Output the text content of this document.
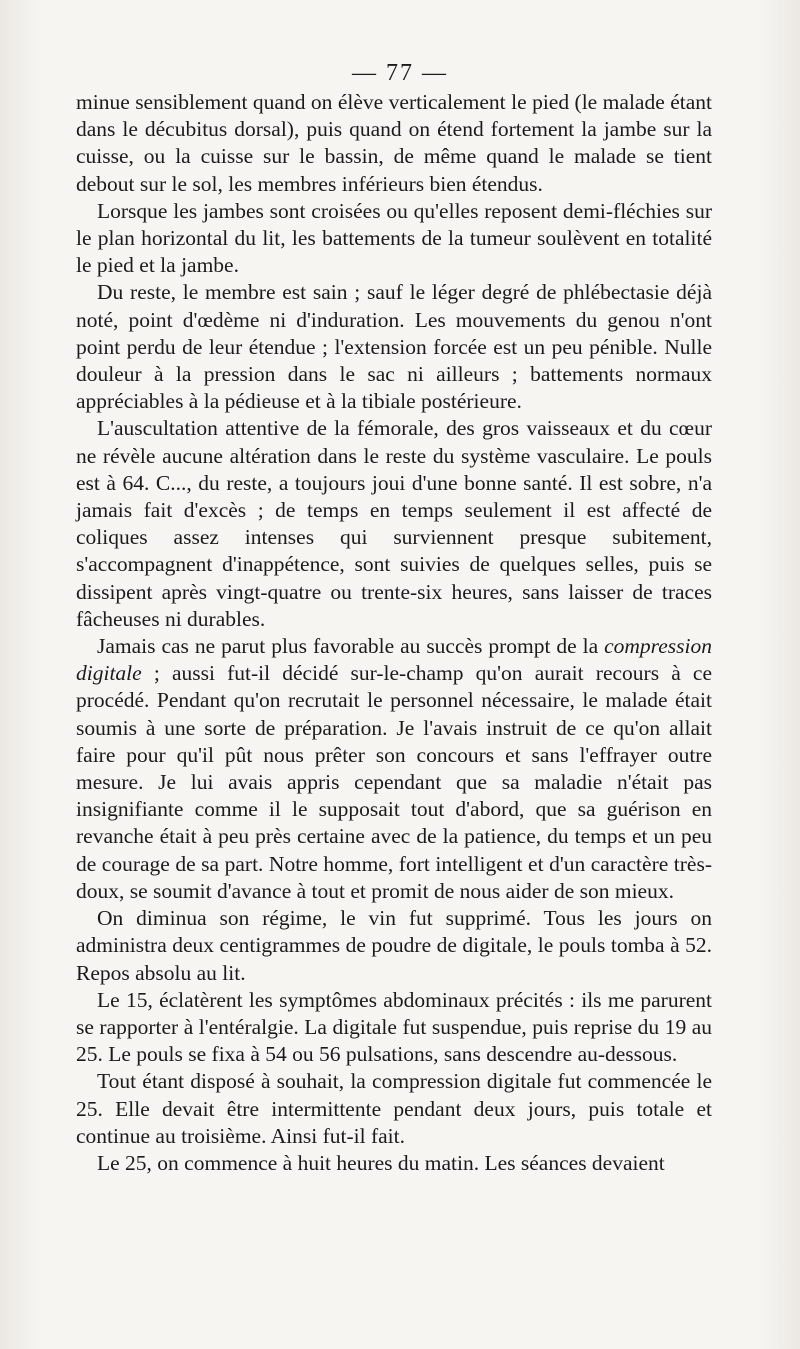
— 77 —

minue sensiblement quand on élève verticalement le pied (le malade étant dans le décubitus dorsal), puis quand on étend fortement la jambe sur la cuisse, ou la cuisse sur le bassin, de même quand le malade se tient debout sur le sol, les membres inférieurs bien étendus.

Lorsque les jambes sont croisées ou qu'elles reposent demi-fléchies sur le plan horizontal du lit, les battements de la tumeur soulèvent en totalité le pied et la jambe.

Du reste, le membre est sain ; sauf le léger degré de phlébectasie déjà noté, point d'œdème ni d'induration. Les mouvements du genou n'ont point perdu de leur étendue ; l'extension forcée est un peu pénible. Nulle douleur à la pression dans le sac ni ailleurs ; battements normaux appréciables à la pédieuse et à la tibiale postérieure.

L'auscultation attentive de la fémorale, des gros vaisseaux et du cœur ne révèle aucune altération dans le reste du système vasculaire. Le pouls est à 64. C..., du reste, a toujours joui d'une bonne santé. Il est sobre, n'a jamais fait d'excès ; de temps en temps seulement il est affecté de coliques assez intenses qui surviennent presque subitement, s'accompagnent d'inappétence, sont suivies de quelques selles, puis se dissipent après vingt-quatre ou trente-six heures, sans laisser de traces fâcheuses ni durables.

Jamais cas ne parut plus favorable au succès prompt de la compression digitale ; aussi fut-il décidé sur-le-champ qu'on aurait recours à ce procédé. Pendant qu'on recrutait le personnel nécessaire, le malade était soumis à une sorte de préparation. Je l'avais instruit de ce qu'on allait faire pour qu'il pût nous prêter son concours et sans l'effrayer outre mesure. Je lui avais appris cependant que sa maladie n'était pas insignifiante comme il le supposait tout d'abord, que sa guérison en revanche était à peu près certaine avec de la patience, du temps et un peu de courage de sa part. Notre homme, fort intelligent et d'un caractère très-doux, se soumit d'avance à tout et promit de nous aider de son mieux.

On diminua son régime, le vin fut supprimé. Tous les jours on administra deux centigrammes de poudre de digitale, le pouls tomba à 52. Repos absolu au lit.

Le 15, éclatèrent les symptômes abdominaux précités : ils me parurent se rapporter à l'entéralgie. La digitale fut suspendue, puis reprise du 19 au 25. Le pouls se fixa à 54 ou 56 pulsations, sans descendre au-dessous.

Tout étant disposé à souhait, la compression digitale fut commencée le 25. Elle devait être intermittente pendant deux jours, puis totale et continue au troisième. Ainsi fut-il fait.

Le 25, on commence à huit heures du matin. Les séances devaient
